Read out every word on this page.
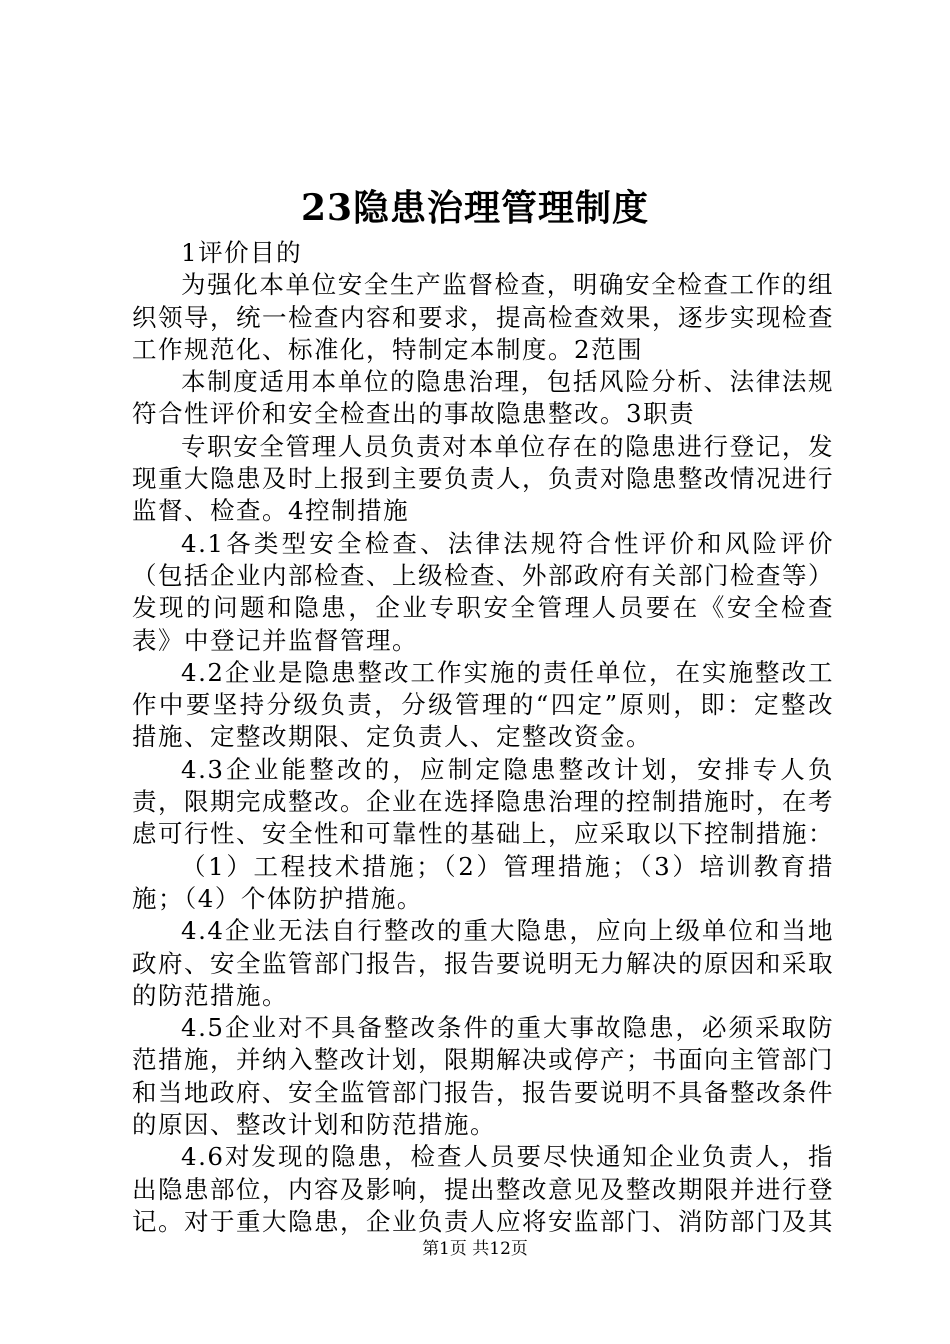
23隐患治理管理制度

1评价目的

为强化本单位安全生产监督检查，明确安全检查工作的组织领导，统一检查内容和要求，提高检查效果，逐步实现检查工作规范化、标准化，特制定本制度。2范围

本制度适用本单位的隐患治理，包括风险分析、法律法规符合性评价和安全检查出的事故隐患整改。3职责

专职安全管理人员负责对本单位存在的隐患进行登记，发现重大隐患及时上报到主要负责人，负责对隐患整改情况进行监督、检查。4控制措施

4.1各类型安全检查、法律法规符合性评价和风险评价（包括企业内部检查、上级检查、外部政府有关部门检查等）发现的问题和隐患，企业专职安全管理人员要在《安全检查表》中登记并监督管理。

4.2企业是隐患整改工作实施的责任单位，在实施整改工作中要坚持分级负责，分级管理的“四定”原则，即：定整改措施、定整改期限、定负责人、定整改资金。

4.3企业能整改的，应制定隐患整改计划，安排专人负责，限期完成整改。企业在选择隐患治理的控制措施时，在考虑可行性、安全性和可靠性的基础上，应采取以下控制措施：

（1）工程技术措施；（2）管理措施；（3）培训教育措施；（4）个体防护措施。

4.4企业无法自行整改的重大隐患，应向上级单位和当地政府、安全监管部门报告，报告要说明无力解决的原因和采取的防范措施。

4.5企业对不具备整改条件的重大事故隐患，必须采取防范措施，并纳入整改计划，限期解决或停产；书面向主管部门和当地政府、安全监管部门报告，报告要说明不具备整改条件的原因、整改计划和防范措施。

4.6对发现的隐患，检查人员要尽快通知企业负责人，指出隐患部位，内容及影响，提出整改意见及整改期限并进行登记。对于重大隐患，企业负责人应将安监部门、消防部门及其

第1页 共12页
